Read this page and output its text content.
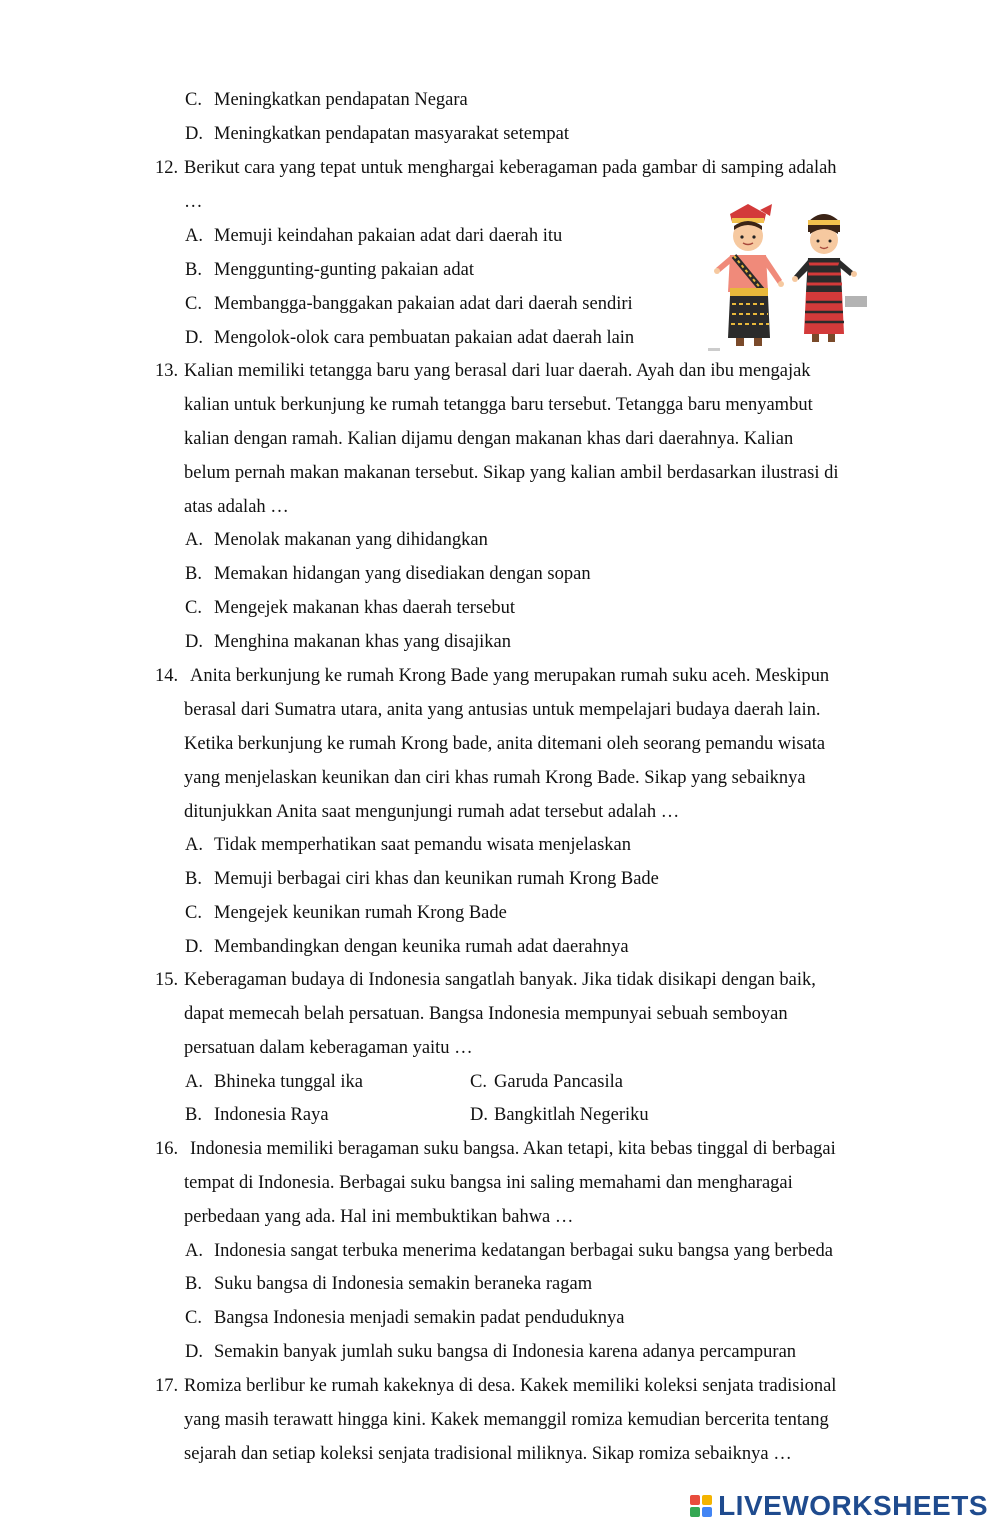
C. Meningkatkan pendapatan Negara
D. Meningkatkan pendapatan masyarakat setempat
12. Berikut cara yang tepat untuk menghargai keberagaman pada gambar di samping adalah
…
A. Memuji keindahan pakaian adat dari daerah itu
B. Menggunting-gunting pakaian adat
C. Membangga-banggakan pakaian adat dari daerah sendiri
D. Mengolok-olok cara pembuatan pakaian adat daerah lain
13. Kalian memiliki tetangga baru yang berasal dari luar daerah. Ayah dan ibu mengajak
kalian untuk berkunjung ke rumah tetangga baru tersebut. Tetangga baru menyambut
kalian dengan ramah. Kalian dijamu dengan makanan khas dari daerahnya. Kalian
belum pernah makan makanan tersebut. Sikap yang kalian ambil berdasarkan ilustrasi di
atas adalah …
A. Menolak makanan yang dihidangkan
B. Memakan hidangan yang disediakan dengan sopan
C. Mengejek makanan khas daerah tersebut
D. Menghina makanan khas yang disajikan
14. Anita berkunjung ke rumah Krong Bade yang merupakan rumah suku aceh. Meskipun
berasal dari Sumatra utara, anita yang antusias untuk mempelajari budaya daerah lain.
Ketika berkunjung ke rumah Krong bade, anita ditemani oleh seorang pemandu wisata
yang menjelaskan keunikan dan ciri khas rumah Krong Bade. Sikap yang sebaiknya
ditunjukkan Anita saat mengunjungi rumah adat tersebut adalah …
A. Tidak memperhatikan saat pemandu wisata menjelaskan
B. Memuji berbagai ciri khas dan keunikan rumah Krong Bade
C. Mengejek keunikan rumah Krong Bade
D. Membandingkan dengan keunika rumah adat daerahnya
15. Keberagaman budaya di Indonesia sangatlah banyak. Jika tidak disikapi dengan baik,
dapat memecah belah persatuan. Bangsa Indonesia mempunyai sebuah semboyan
persatuan dalam keberagaman yaitu …
A. Bhineka tunggal ika	C. Garuda Pancasila
B. Indonesia Raya	D. Bangkitlah Negeriku
16. Indonesia memiliki beragaman suku bangsa. Akan tetapi, kita bebas tinggal di berbagai
tempat di Indonesia. Berbagai suku bangsa ini saling memahami dan mengharagai
perbedaan yang ada. Hal ini membuktikan bahwa …
A. Indonesia sangat terbuka menerima kedatangan berbagai suku bangsa yang berbeda
B. Suku bangsa di Indonesia semakin beraneka ragam
C. Bangsa Indonesia menjadi semakin padat penduduknya
D. Semakin banyak jumlah suku bangsa di Indonesia karena adanya percampuran
17. Romiza berlibur ke rumah kakeknya di desa. Kakek memiliki koleksi senjata tradisional
yang masih terawatt hingga kini. Kakek memanggil romiza kemudian bercerita tentang
sejarah dan setiap koleksi senjata tradisional miliknya. Sikap romiza sebaiknya …
LIVEWORKSHEETS
